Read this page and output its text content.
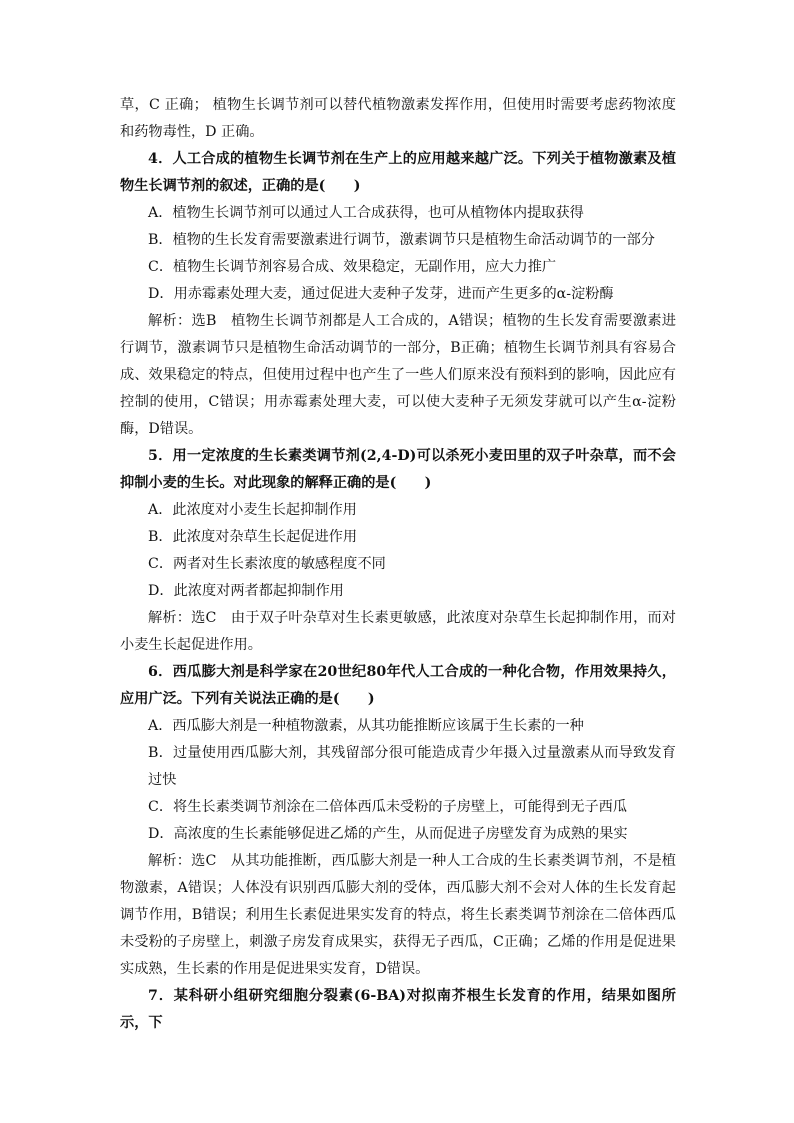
草，C 正确； 植物生长调节剂可以替代植物激素发挥作用，但使用时需要考虑药物浓度和药物毒性，D 正确。

4．人工合成的植物生长调节剂在生产上的应用越来越广泛。下列关于植物激素及植物生长调节剂的叙述，正确的是(　　)

A．植物生长调节剂可以通过人工合成获得，也可从植物体内提取获得

B．植物的生长发育需要激素进行调节，激素调节只是植物生命活动调节的一部分

C．植物生长调节剂容易合成、效果稳定，无副作用，应大力推广

D．用赤霉素处理大麦，通过促进大麦种子发芽，进而产生更多的α-淀粉酶

解析：选B　植物生长调节剂都是人工合成的，A错误；植物的生长发育需要激素进行调节，激素调节只是植物生命活动调节的一部分，B正确；植物生长调节剂具有容易合成、效果稳定的特点，但使用过程中也产生了一些人们原来没有预料到的影响，因此应有控制的使用，C错误；用赤霉素处理大麦，可以使大麦种子无须发芽就可以产生α-淀粉酶，D错误。

5．用一定浓度的生长素类调节剂(2,4-D)可以杀死小麦田里的双子叶杂草，而不会抑制小麦的生长。对此现象的解释正确的是(　　)

A．此浓度对小麦生长起抑制作用

B．此浓度对杂草生长起促进作用

C．两者对生长素浓度的敏感程度不同

D．此浓度对两者都起抑制作用

解析：选C　由于双子叶杂草对生长素更敏感，此浓度对杂草生长起抑制作用，而对小麦生长起促进作用。

6．西瓜膨大剂是科学家在20世纪80年代人工合成的一种化合物，作用效果持久，应用广泛。下列有关说法正确的是(　　)

A．西瓜膨大剂是一种植物激素，从其功能推断应该属于生长素的一种

B．过量使用西瓜膨大剂，其残留部分很可能造成青少年摄入过量激素从而导致发育过快

C．将生长素类调节剂涂在二倍体西瓜未受粉的子房壁上，可能得到无子西瓜

D．高浓度的生长素能够促进乙烯的产生，从而促进子房壁发育为成熟的果实

解析：选C　从其功能推断，西瓜膨大剂是一种人工合成的生长素类调节剂，不是植物激素，A错误；人体没有识别西瓜膨大剂的受体，西瓜膨大剂不会对人体的生长发育起调节作用，B错误；利用生长素促进果实发育的特点，将生长素类调节剂涂在二倍体西瓜未受粉的子房壁上，刺激子房发育成果实，获得无子西瓜，C正确；乙烯的作用是促进果实成熟，生长素的作用是促进果实发育，D错误。

7．某科研小组研究细胞分裂素(6-BA)对拟南芥根生长发育的作用，结果如图所示，下
